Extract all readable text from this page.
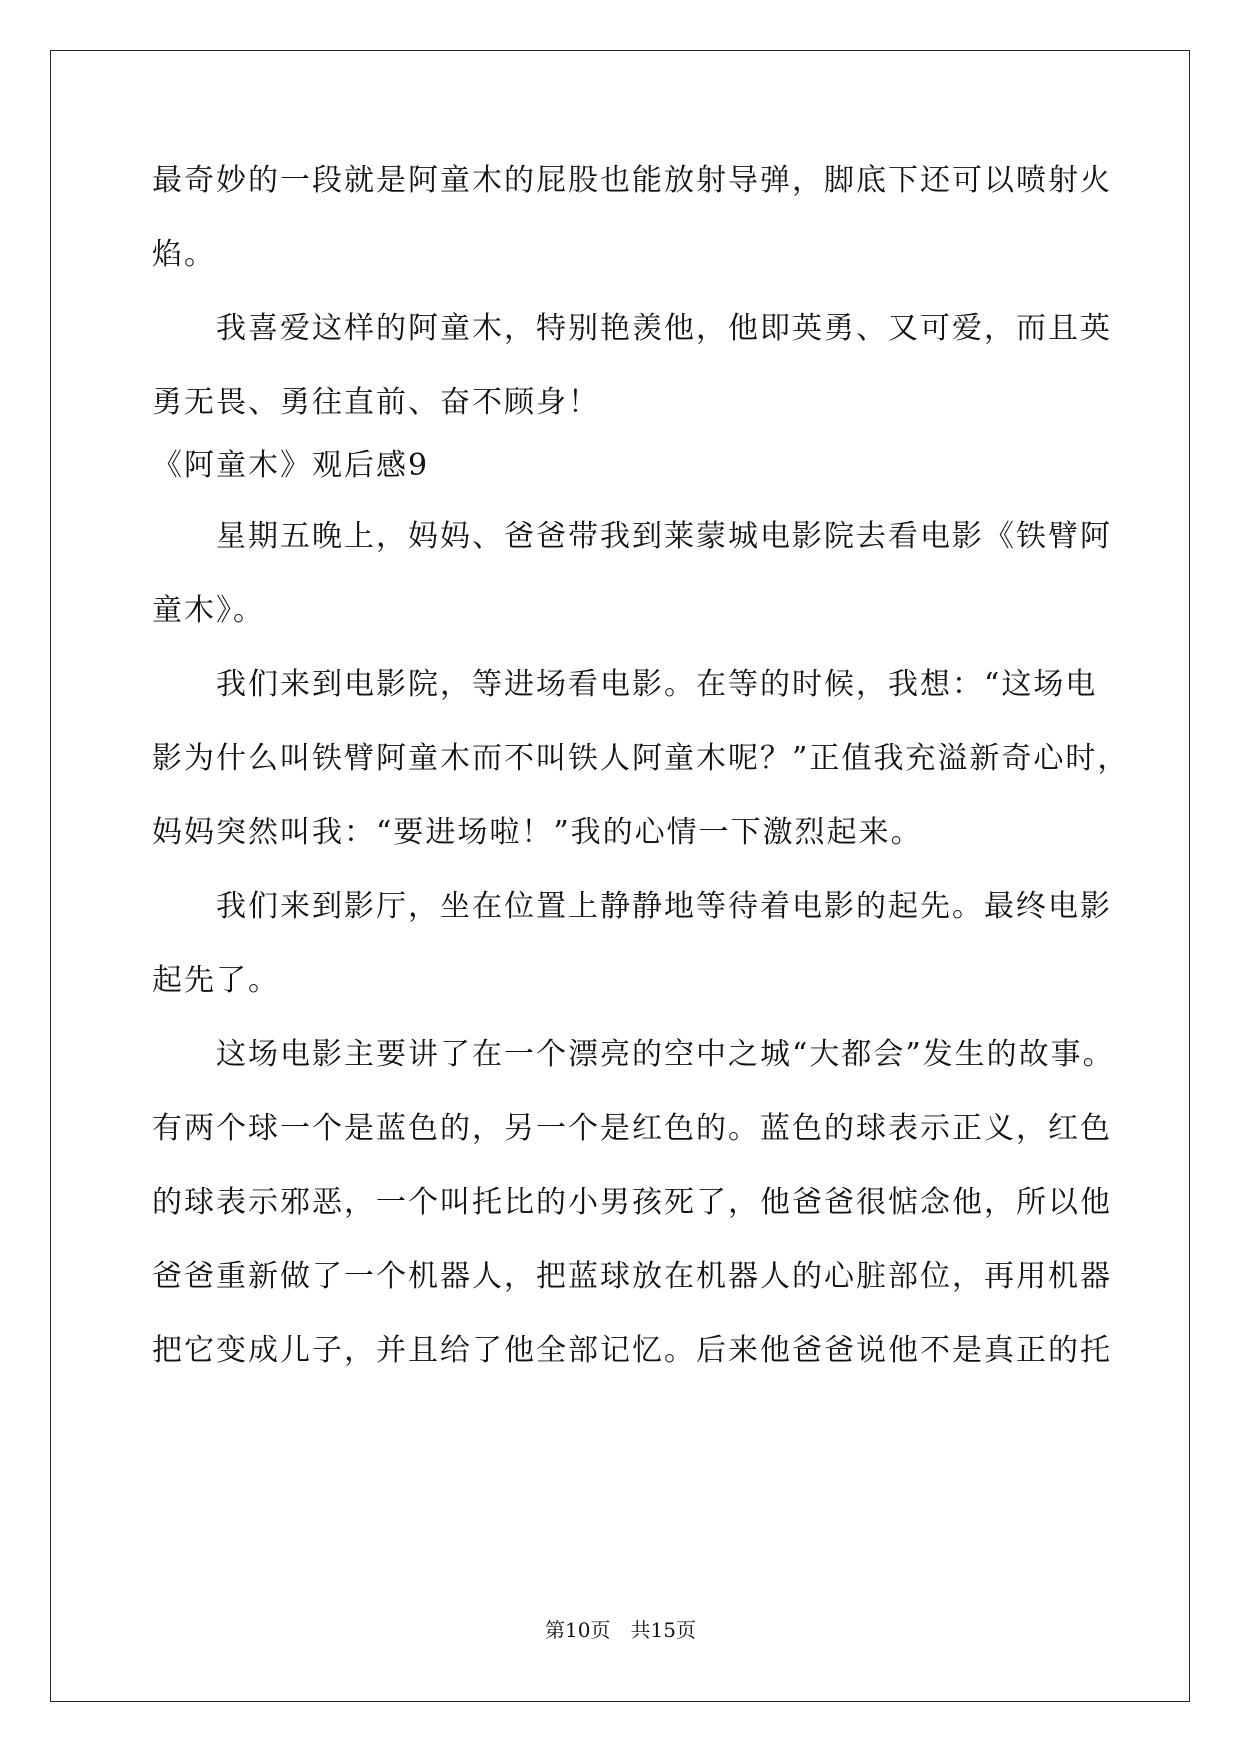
最奇妙的一段就是阿童木的屁股也能放射导弹，脚底下还可以喷射火
焰。
　　我喜爱这样的阿童木，特别艳羡他，他即英勇、又可爱，而且英
勇无畏、勇往直前、奋不顾身！
《阿童木》观后感9
　　星期五晚上，妈妈、爸爸带我到莱蒙城电影院去看电影《铁臂阿
童木》。
　　我们来到电影院，等进场看电影。在等的时候，我想：“这场电
影为什么叫铁臂阿童木而不叫铁人阿童木呢？”正值我充溢新奇心时，
妈妈突然叫我：“要进场啦！”我的心情一下激烈起来。
　　我们来到影厅，坐在位置上静静地等待着电影的起先。最终电影
起先了。
　　这场电影主要讲了在一个漂亮的空中之城“大都会”发生的故事。
有两个球一个是蓝色的，另一个是红色的。蓝色的球表示正义，红色
的球表示邪恶，一个叫托比的小男孩死了，他爸爸很惦念他，所以他
爸爸重新做了一个机器人，把蓝球放在机器人的心脏部位，再用机器
把它变成儿子，并且给了他全部记忆。后来他爸爸说他不是真正的托
第10页　共15页
